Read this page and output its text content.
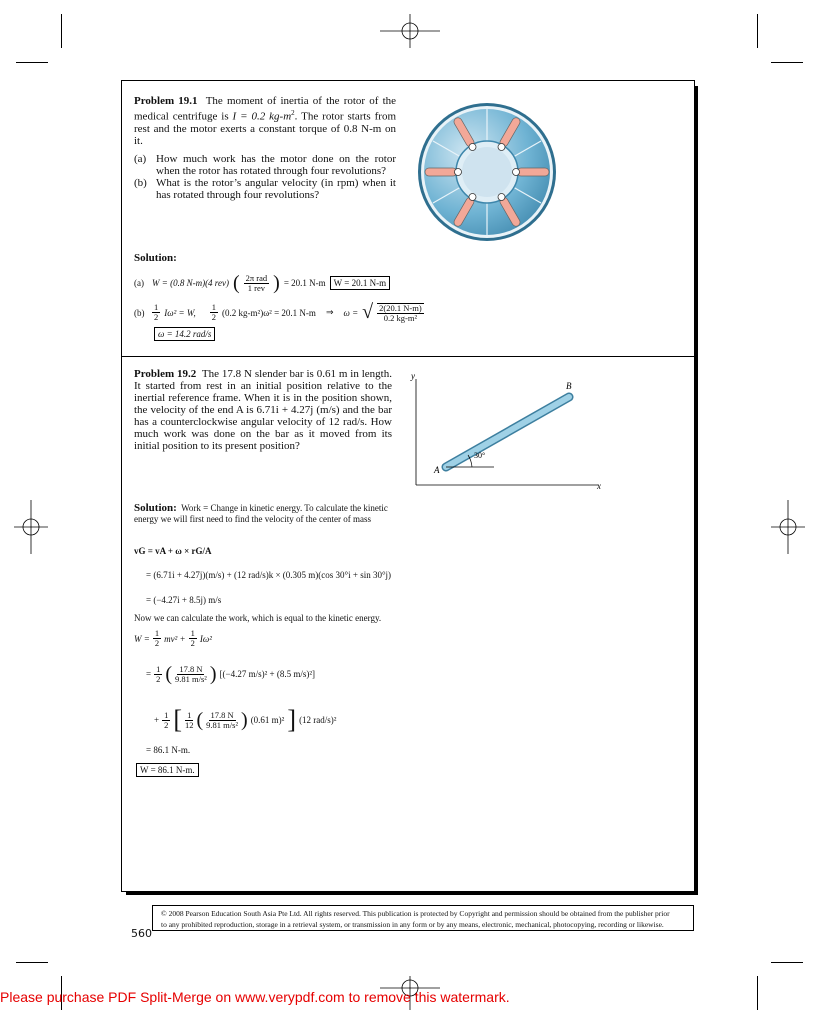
Problem 19.1 The moment of inertia of the rotor of the medical centrifuge is I = 0.2 $kg-m^2$. The rotor starts from rest and the motor exerts a constant torque of 0.8 N-m on it.
(a) How much work has the motor done on the rotor when the rotor has rotated through four revolutions?
(b) What is the rotor’s angular velocity (in rpm) when it has rotated through four revolutions?
Solution:
(a) W = (0.8 N-m)(4 rev) ( $\frac{\text{2π rad}}{\text{1 rev}}$ ) = 20.1 N-m W = 20.1 N-m
$(b) \frac{1}{2} I\omega^2 = W$, $\frac{1}{2} (0.2$ kg-m²)ω² = 20.1 N-m ⇒ ω = √ $\frac{2(20.1 N-m)}{\text{0.2 kg-m²}}$
ω = 14.2 rad/s
Problem 19.2 The 17.8 N slender bar is 0.61 m in length. It started from rest in an initial position relative to the inertial reference frame. When it is in the position shown, the velocity of the end A is 6.71i + 4.27j (m/s) and the bar has a counterclockwise angular velocity of 12 rad/s. How much work was done on the bar as it moved from its initial position to its present position?
y
x
30°
A
B
Solution: Work = Change in kinetic energy. To calculate the kinetic energy we will first need to find the velocity of the center of mass
vG = vA + ω × rG/A
= (6.71i + 4.27j)(m/s) + (12 rad/s)k × (0.305 m)(cos 30°i + sin 30°j)
= (−4.27i + 8.5j) m/s
Now we can calculate the work, which is equal to the kinetic energy.
$W = \frac{1}{2} mv^2 + \frac{1}{2} I\omega^2$
= $\frac{1}{2}$ ( $\frac{17.8 N}{\text{9.81 m/s²}}$ ) [(−4.27 m/s)² + (8.5 m/s)²]
+ $\frac{1}{2}$ [ $\frac{1}{12}$ ( $\frac{17.8 N}{\text{9.81 m/s²}}$ ) (0.61 m)² ] (12 rad/s)²
= 86.1 N-m.
W = 86.1 N-m.
© 2008 Pearson Education South Asia Pte Ltd. All rights reserved. This publication is protected by Copyright and permission should be obtained from the publisher prior
to any prohibited reproduction, storage in a retrieval system, or transmission in any form or by any means, electronic, mechanical, photocopying, recording or likewise.
560
Please purchase PDF Split-Merge on www.verypdf.com to remove this watermark.
